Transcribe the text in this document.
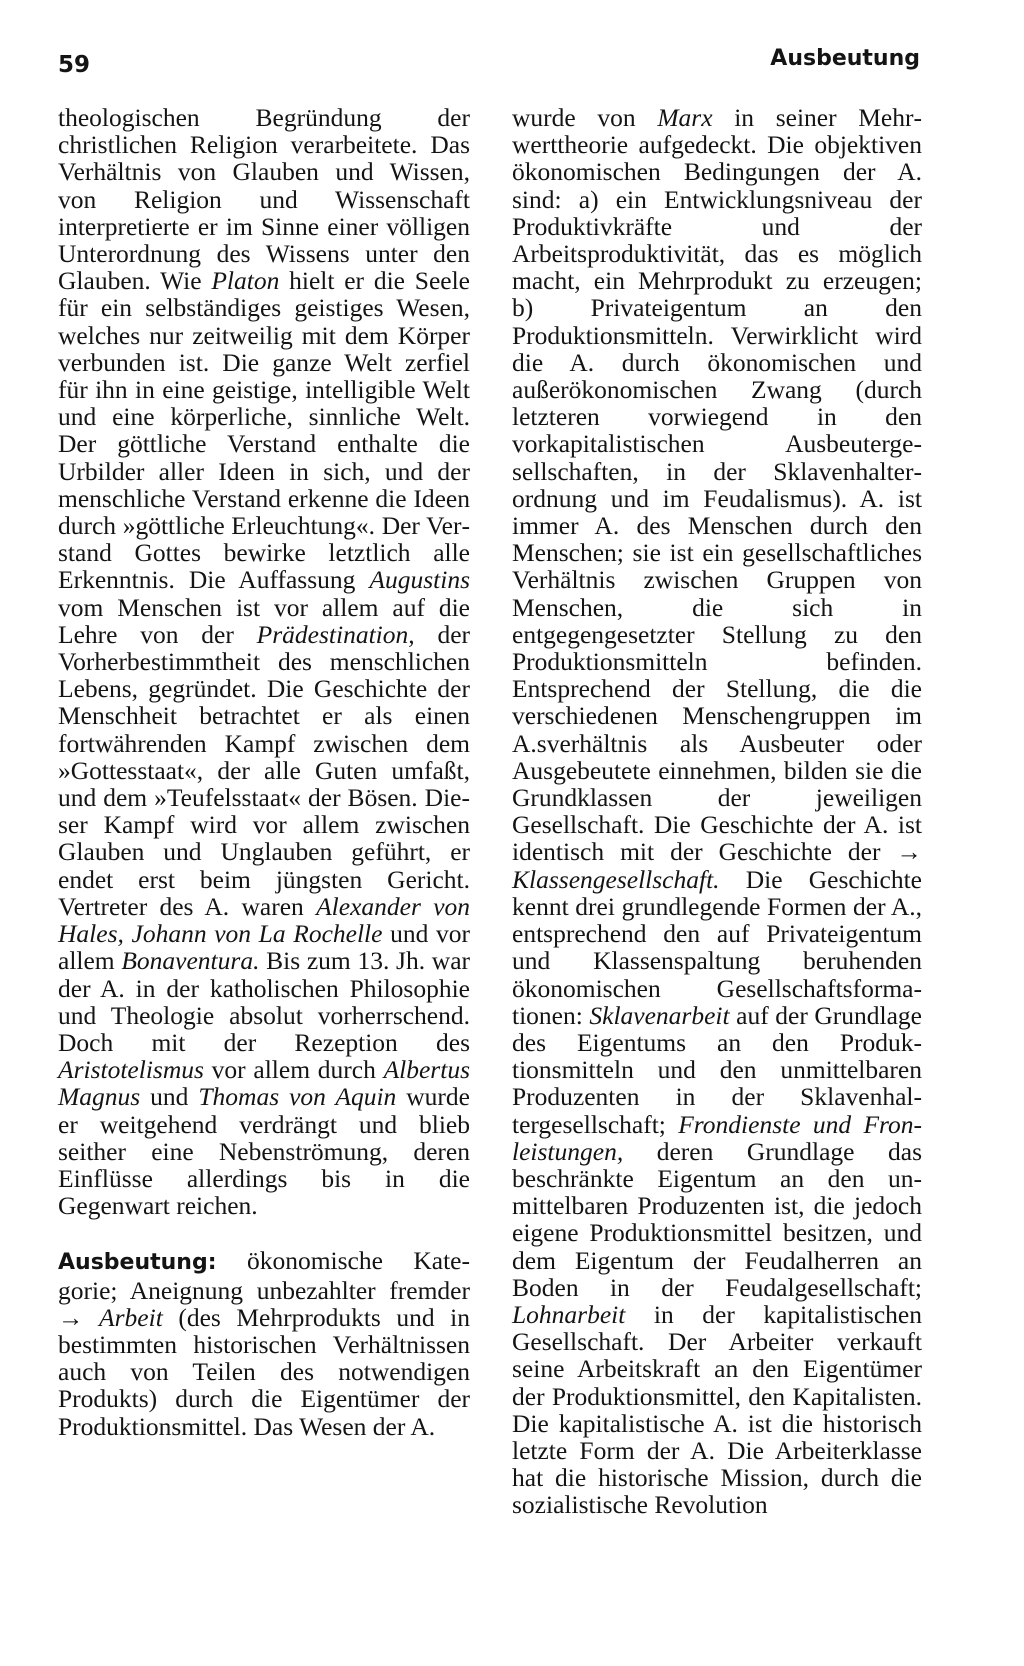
59	Ausbeutung

theologischen Begründung der christlichen Religion verarbeitete. Das Verhältnis von Glauben und Wissen, von Religion und Wissenschaft interpretierte er im Sinne einer völligen Unterordnung des Wissens unter den Glauben. Wie Platon hielt er die Seele für ein selbständiges geistiges Wesen, welches nur zeitweilig mit dem Körper verbunden ist. Die ganze Welt zerfiel für ihn in eine geistige, intelligible Welt und eine körperliche, sinnliche Welt. Der göttliche Verstand enthalte die Urbilder aller Ideen in sich, und der menschliche Verstand erkenne die Ideen durch »göttliche Erleuchtung«. Der Verstand Gottes bewirke letztlich alle Erkenntnis. Die Auffassung Augustins vom Menschen ist vor allem auf die Lehre von der Prädestination, der Vorherbestimmtheit des menschlichen Lebens, gegründet. Die Geschichte der Menschheit betrachtet er als einen fortwährenden Kampf zwischen dem »Gottesstaat«, der alle Guten umfaßt, und dem »Teufelsstaat« der Bösen. Dieser Kampf wird vor allem zwischen Glauben und Unglauben geführt, er endet erst beim jüngsten Gericht. Vertreter des A. waren Alexander von Hales, Johann von La Rochelle und vor allem Bonaventura. Bis zum 13. Jh. war der A. in der katholischen Philosophie und Theologie absolut vorherrschend. Doch mit der Rezeption des Aristotelismus vor allem durch Albertus Magnus und Thomas von Aquin wurde er weitgehend verdrängt und blieb seither eine Nebenströmung, deren Einflüsse allerdings bis in die Gegenwart reichen.

Ausbeutung: ökonomische Kategorie; Aneignung unbezahlter fremder → Arbeit (des Mehrprodukts und in bestimmten historischen Verhältnissen auch von Teilen des notwendigen Produkts) durch die Eigentümer der Produktionsmittel. Das Wesen der A.

wurde von Marx in seiner Mehrwerttheorie aufgedeckt. Die objektiven ökonomischen Bedingungen der A. sind: a) ein Entwicklungsniveau der Produktivkräfte und der Arbeitsproduktivität, das es möglich macht, ein Mehrprodukt zu erzeugen; b) Privateigentum an den Produktionsmitteln. Verwirklicht wird die A. durch ökonomischen und außerökonomischen Zwang (durch letzteren vorwiegend in den vorkapitalistischen Ausbeutergesellschaften, in der Sklavenhalterordnung und im Feudalismus). A. ist immer A. des Menschen durch den Menschen; sie ist ein gesellschaftliches Verhältnis zwischen Gruppen von Menschen, die sich in entgegengesetzter Stellung zu den Produktionsmitteln befinden. Entsprechend der Stellung, die die verschiedenen Menschengruppen im A.sverhältnis als Ausbeuter oder Ausgebeutete einnehmen, bilden sie die Grundklassen der jeweiligen Gesellschaft. Die Geschichte der A. ist identisch mit der Geschichte der → Klassengesellschaft. Die Geschichte kennt drei grundlegende Formen der A., entsprechend den auf Privateigentum und Klassenspaltung beruhenden ökonomischen Gesellschaftsformationen: Sklavenarbeit auf der Grundlage des Eigentums an den Produktionsmitteln und den unmittelbaren Produzenten in der Sklavenhaltergesellschaft; Frondienste und Fronleistungen, deren Grundlage das beschränkte Eigentum an den unmittelbaren Produzenten ist, die jedoch eigene Produktionsmittel besitzen, und dem Eigentum der Feudalherren an Boden in der Feudalgesellschaft; Lohnarbeit in der kapitalistischen Gesellschaft. Der Arbeiter verkauft seine Arbeitskraft an den Eigentümer der Produktionsmittel, den Kapitalisten. Die kapitalistische A. ist die historisch letzte Form der A. Die Arbeiterklasse hat die historische Mission, durch die sozialistische Revolution
